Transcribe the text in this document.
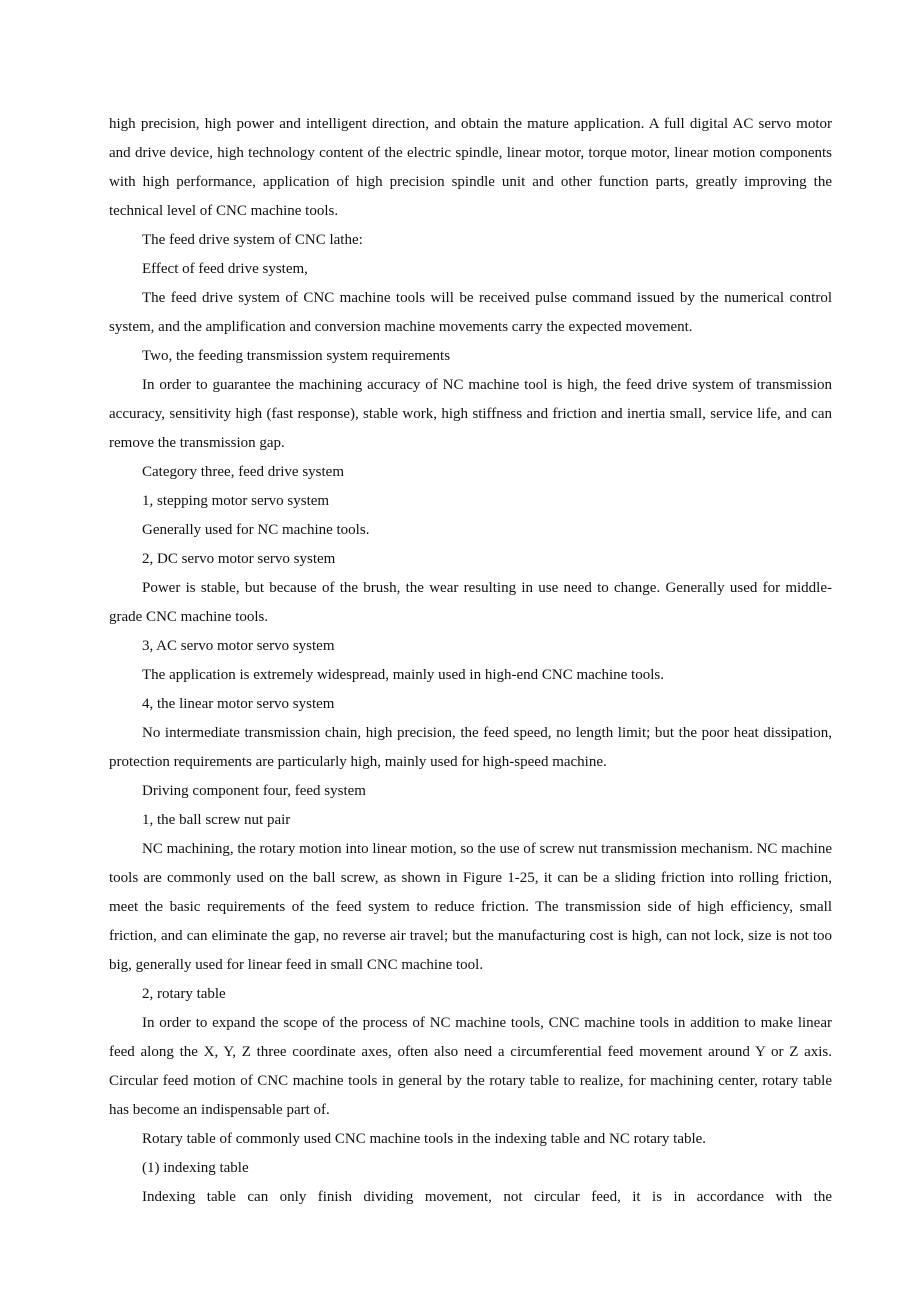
high precision, high power and intelligent direction, and obtain the mature application. A full digital AC servo motor and drive device, high technology content of the electric spindle, linear motor, torque motor, linear motion components with high performance, application of high precision spindle unit and other function parts, greatly improving the technical level of CNC machine tools.

The feed drive system of CNC lathe:

Effect of feed drive system,

The feed drive system of CNC machine tools will be received pulse command issued by the numerical control system, and the amplification and conversion machine movements carry the expected movement.

Two, the feeding transmission system requirements

In order to guarantee the machining accuracy of NC machine tool is high, the feed drive system of transmission accuracy, sensitivity high (fast response), stable work, high stiffness and friction and inertia small, service life, and can remove the transmission gap.

Category three, feed drive system

1, stepping motor servo system

Generally used for NC machine tools.

2, DC servo motor servo system

Power is stable, but because of the brush, the wear resulting in use need to change. Generally used for middle-grade CNC machine tools.

3, AC servo motor servo system

The application is extremely widespread, mainly used in high-end CNC machine tools.

4, the linear motor servo system

No intermediate transmission chain, high precision, the feed speed, no length limit; but the poor heat dissipation, protection requirements are particularly high, mainly used for high-speed machine.

Driving component four, feed system

1, the ball screw nut pair

NC machining, the rotary motion into linear motion, so the use of screw nut transmission mechanism. NC machine tools are commonly used on the ball screw, as shown in Figure 1-25, it can be a sliding friction into rolling friction, meet the basic requirements of the feed system to reduce friction. The transmission side of high efficiency, small friction, and can eliminate the gap, no reverse air travel; but the manufacturing cost is high, can not lock, size is not too big, generally used for linear feed in small CNC machine tool.

2, rotary table

In order to expand the scope of the process of NC machine tools, CNC machine tools in addition to make linear feed along the X, Y, Z three coordinate axes, often also need a circumferential feed movement around Y or Z axis. Circular feed motion of CNC machine tools in general by the rotary table to realize, for machining center, rotary table has become an indispensable part of.

Rotary table of commonly used CNC machine tools in the indexing table and NC rotary table.

(1) indexing table

Indexing table can only finish dividing movement, not circular feed, it is in accordance with the
